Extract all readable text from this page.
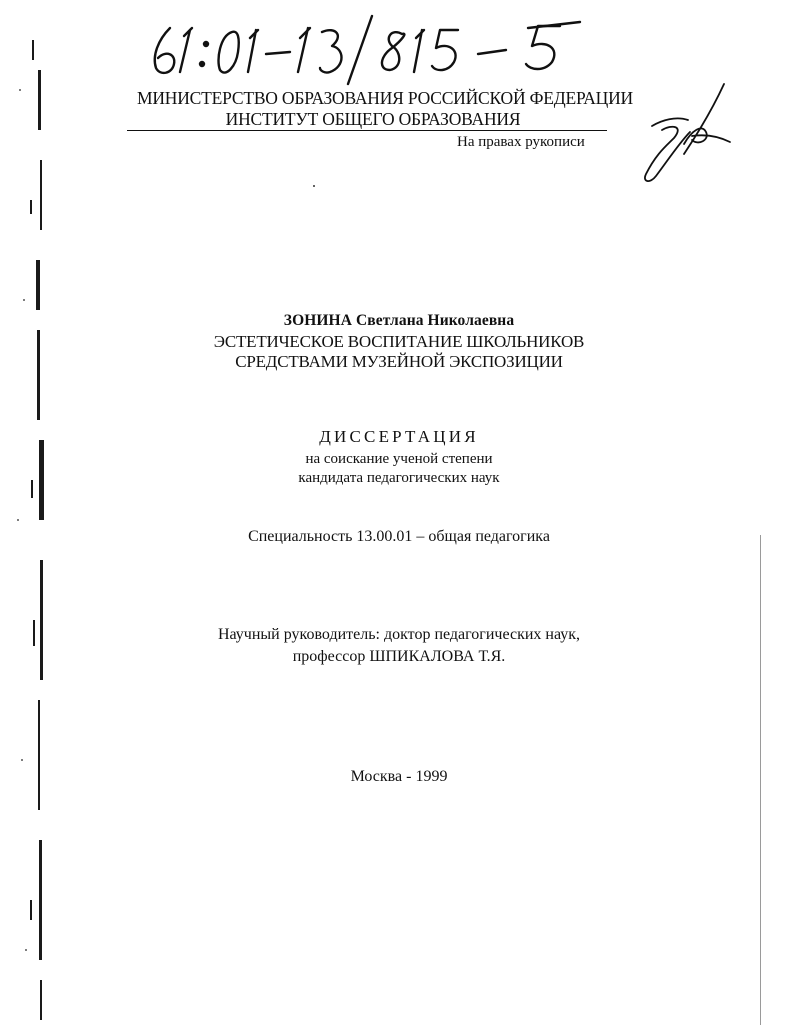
МИНИСТЕРСТВО ОБРАЗОВАНИЯ РОССИЙСКОЙ ФЕДЕРАЦИИ
ИНСТИТУТ ОБЩЕГО ОБРАЗОВАНИЯ
На правах рукописи
ЗОНИНА Светлана Николаевна
ЭСТЕТИЧЕСКОЕ ВОСПИТАНИЕ ШКОЛЬНИКОВ
СРЕДСТВАМИ МУЗЕЙНОЙ ЭКСПОЗИЦИИ
ДИССЕРТАЦИЯ
на соискание ученой степени
кандидата педагогических наук
Специальность 13.00.01 – общая педагогика
Научный руководитель: доктор педагогических наук,
профессор ШПИКАЛОВА Т.Я.
Москва - 1999
